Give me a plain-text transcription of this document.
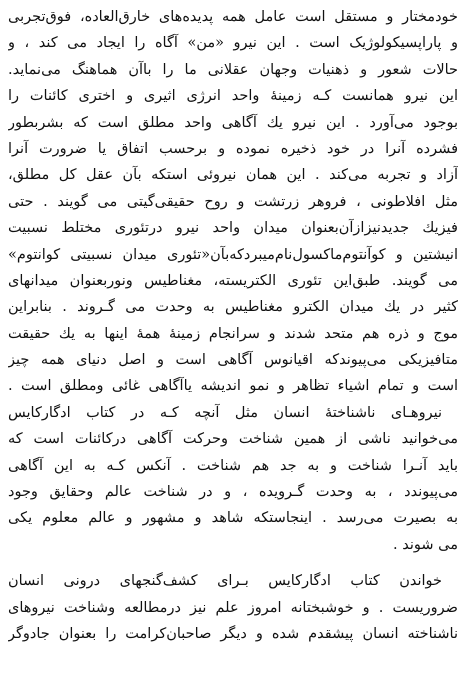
خودمختار و مستقل است عامل همه پدیده‌های خارق‌العاده، فوق‌تجربی
و پاراپسیکولوژیک است . این نیرو «من» آگاه را ایجاد می کند ، و
حالات شعور و ذهنیات وجهان عقلانی ما را باآن هماهنگ می‌نماید.
این نیرو همانست کـه زمینهٔ واحد انرژی اثیری و اختری کائنات را
بوجود می‌آورد . این نیرو یك آگاهی واحد مطلق است که بشربطور
فشرده آنرا در خود ذخیره نموده و برحسب اتفاق یا ضرورت آنرا
آزاد و تجربه می‌کند . این همان نیروئی استکه بآن عقل کل مطلق،
مثل افلاطونی ، فروهر زرتشت و روح حقیقی‌گیتی می گویند . حتی
فیزیك جدیدنیزازآن‌بعنوان میدان واحد نیرو درتئوری مختلط نسبیت
انیشتین و کوآنتوم‌ماکسول‌نام‌میبرد‌که‌بآن«تئوری میدان نسبیتی کوانتوم»
می گویند. طبق‌این تئوری الکتریسته، مغناطیس ونوربعنوان میدانهای
کثیر در یك میدان الکترو مغناطیس به وحدت می گـروند . بنابراین
موج و ذره هم متحد شدند و سرانجام زمینهٔ همهٔ اینها به یك حقیقت
متافیزیکی می‌پیوندکه اقیانوس آگاهی است و اصل دنیای همه چیز
است و تمام اشیاء تظاهر و نمو اندیشه یاآگاهی غائی ومطلق است .
نیروهـای ناشناختهٔ انسان مثل آنچه کـه در کتاب ادگارکایس
می‌خوانید ناشی از همین شناخت وحرکت آگاهی درکائنات است که
باید آنـرا شناخت و به جد هم شناخت . آنکس کـه به این آگاهی
می‌پیوندد ، به وحدت گـرویده ، و در شناخت عالم وحقایق وجود
به بصیرت می‌رسد . اینجاستکه شاهد و مشهور و عالم معلوم یکی
می شوند .
خواندن کتاب ادگارکایس بـرای کشف‌گنجهای درونی انسان
ضروریست . و خوشبختانه امروز علم نیز درمطالعه وشناخت نیروهای
ناشناخته انسان پیشقدم شده و دیگر صاحبان‌کرامت را بعنوان جادوگر
